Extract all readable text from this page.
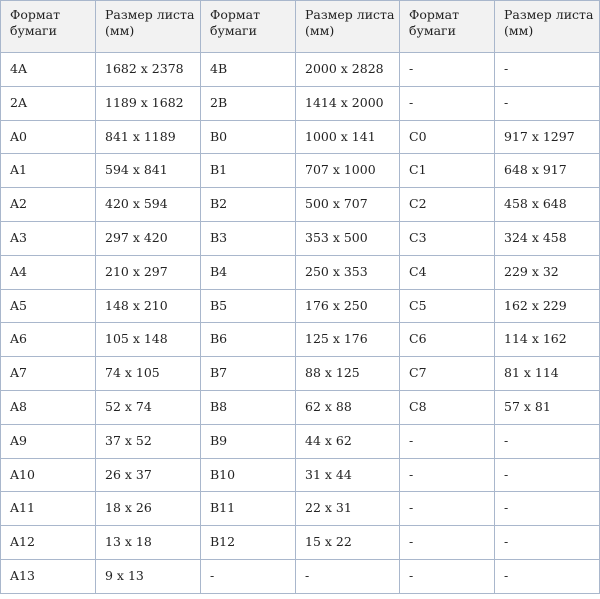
Формат бумаги	Размер листа (мм)	Формат бумаги	Размер листа (мм)	Формат бумаги	Размер листа (мм)
4A	1682 x 2378	4B	2000 x 2828	-	-
2A	1189 x 1682	2B	1414 x 2000	-	-
A0	841 x 1189	B0	1000 x 141	C0	917 x 1297
A1	594 x 841	B1	707 x 1000	C1	648 x 917
A2	420 x 594	B2	500 x 707	C2	458 x 648
A3	297 x 420	B3	353 x 500	C3	324 x 458
A4	210 x 297	B4	250 x 353	C4	229 x 32
A5	148 x 210	B5	176 x 250	C5	162 x 229
A6	105 x 148	B6	125 x 176	C6	114 x 162
A7	74 x 105	B7	88 x 125	C7	81 x 114
A8	52 x 74	B8	62 x 88	C8	57 x 81
A9	37 x 52	B9	44 x 62	-	-
A10	26 x 37	B10	31 x 44	-	-
A11	18 x 26	B11	22 x 31	-	-
A12	13 x 18	B12	15 x 22	-	-
A13	9 x 13	-	-	-	-
